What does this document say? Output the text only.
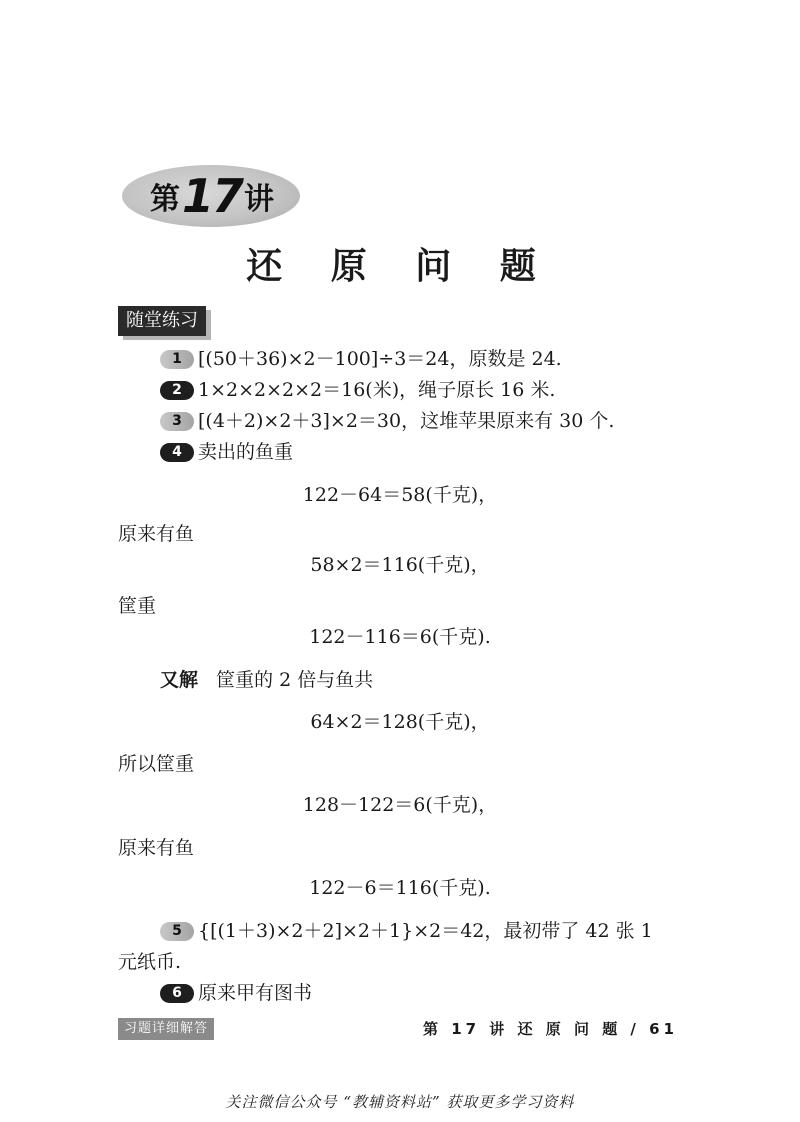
第 17 讲
还 原 问 题
随堂练习
1 [(50＋36)×2－100]÷3＝24，原数是 24.
2 1×2×2×2×2＝16(米)，绳子原长 16 米.
3 [(4＋2)×2＋3]×2＝30，这堆苹果原来有 30 个.
4 卖出的鱼重
122－64＝58(千克)，
原来有鱼
58×2＝116(千克)，
筐重
122－116＝6(千克).
又解 筐重的 2 倍与鱼共
64×2＝128(千克)，
所以筐重
128－122＝6(千克)，
原来有鱼
122－6＝116(千克).
5 {[(1＋3)×2＋2]×2＋1}×2＝42，最初带了 42 张 1
元纸币.
6 原来甲有图书
习题详细解答	第 17 讲 还 原 问 题 / 61
关注微信公众号 “教辅资料站” 获取更多学习资料
